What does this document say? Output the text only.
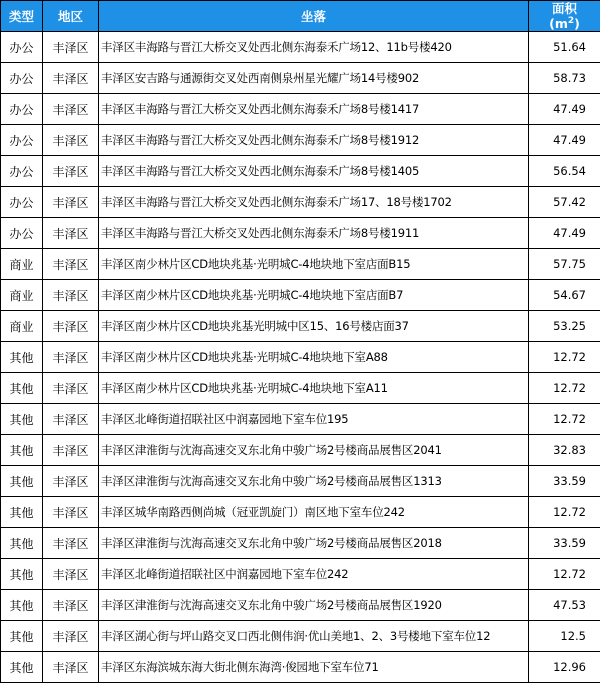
类型	地区	坐落	面积
$(m^2)$
办公	丰泽区	丰泽区丰海路与晋江大桥交叉处西北侧东海泰禾广场12、11b号楼420	51.64
办公	丰泽区	丰泽区安吉路与通源街交叉处西南侧泉州星光耀广场14号楼902	58.73
办公	丰泽区	丰泽区丰海路与晋江大桥交叉处西北侧东海泰禾广场8号楼1417	47.49
办公	丰泽区	丰泽区丰海路与晋江大桥交叉处西北侧东海泰禾广场8号楼1912	47.49
办公	丰泽区	丰泽区丰海路与晋江大桥交叉处西北侧东海泰禾广场8号楼1405	56.54
办公	丰泽区	丰泽区丰海路与晋江大桥交叉处西北侧东海泰禾广场17、18号楼1702	57.42
办公	丰泽区	丰泽区丰海路与晋江大桥交叉处西北侧东海泰禾广场8号楼1911	47.49
商业	丰泽区	丰泽区南少林片区CD地块兆基·光明城C-4地块地下室店面B15	57.75
商业	丰泽区	丰泽区南少林片区CD地块兆基·光明城C-4地块地下室店面B7	54.67
商业	丰泽区	丰泽区南少林片区CD地块兆基光明城中区15、16号楼店面37	53.25
其他	丰泽区	丰泽区南少林片区CD地块兆基·光明城C-4地块地下室A88	12.72
其他	丰泽区	丰泽区南少林片区CD地块兆基·光明城C-4地块地下室A11	12.72
其他	丰泽区	丰泽区北峰街道招联社区中润嘉园地下室车位195	12.72
其他	丰泽区	丰泽区津淮街与沈海高速交叉东北角中骏广场2号楼商品展售区2041	32.83
其他	丰泽区	丰泽区津淮街与沈海高速交叉东北角中骏广场2号楼商品展售区1313	33.59
其他	丰泽区	丰泽区城华南路西侧尚城（冠亚凯旋门）南区地下室车位242	12.72
其他	丰泽区	丰泽区津淮街与沈海高速交叉东北角中骏广场2号楼商品展售区2018	33.59
其他	丰泽区	丰泽区北峰街道招联社区中润嘉园地下室车位242	12.72
其他	丰泽区	丰泽区津淮街与沈海高速交叉东北角中骏广场2号楼商品展售区1920	47.53
其他	丰泽区	丰泽区湖心街与坪山路交叉口西北侧伟润·优山美地1、2、3号楼地下室车位12	12.5
其他	丰泽区	丰泽区东海滨城东海大街北侧东海湾·俊园地下室车位71	12.96
